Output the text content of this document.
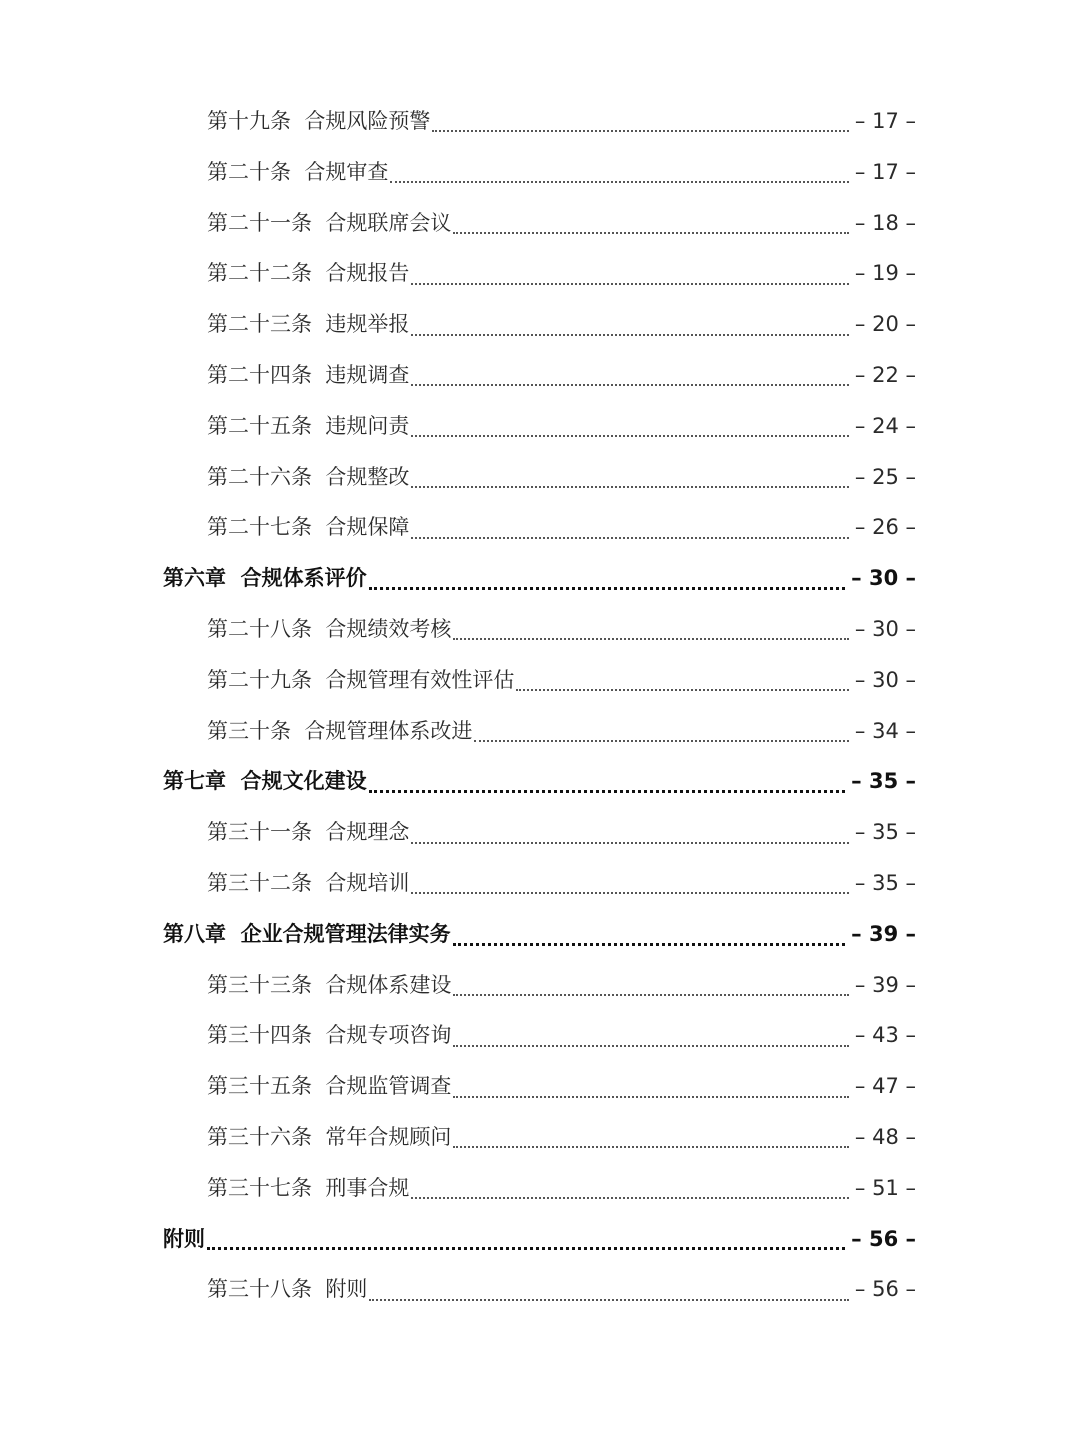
第十九条  合规风险预警	– 17 –
第二十条  合规审查	– 17 –
第二十一条  合规联席会议	– 18 –
第二十二条  合规报告	– 19 –
第二十三条  违规举报	– 20 –
第二十四条  违规调查	– 22 –
第二十五条  违规问责	– 24 –
第二十六条  合规整改	– 25 –
第二十七条  合规保障	– 26 –
第六章  合规体系评价	– 30 –
第二十八条  合规绩效考核	– 30 –
第二十九条  合规管理有效性评估	– 30 –
第三十条  合规管理体系改进	– 34 –
第七章  合规文化建设	– 35 –
第三十一条  合规理念	– 35 –
第三十二条  合规培训	– 35 –
第八章  企业合规管理法律实务	– 39 –
第三十三条  合规体系建设	– 39 –
第三十四条  合规专项咨询	– 43 –
第三十五条  合规监管调查	– 47 –
第三十六条  常年合规顾问	– 48 –
第三十七条  刑事合规	– 51 –
附则	– 56 –
第三十八条  附则	– 56 –
